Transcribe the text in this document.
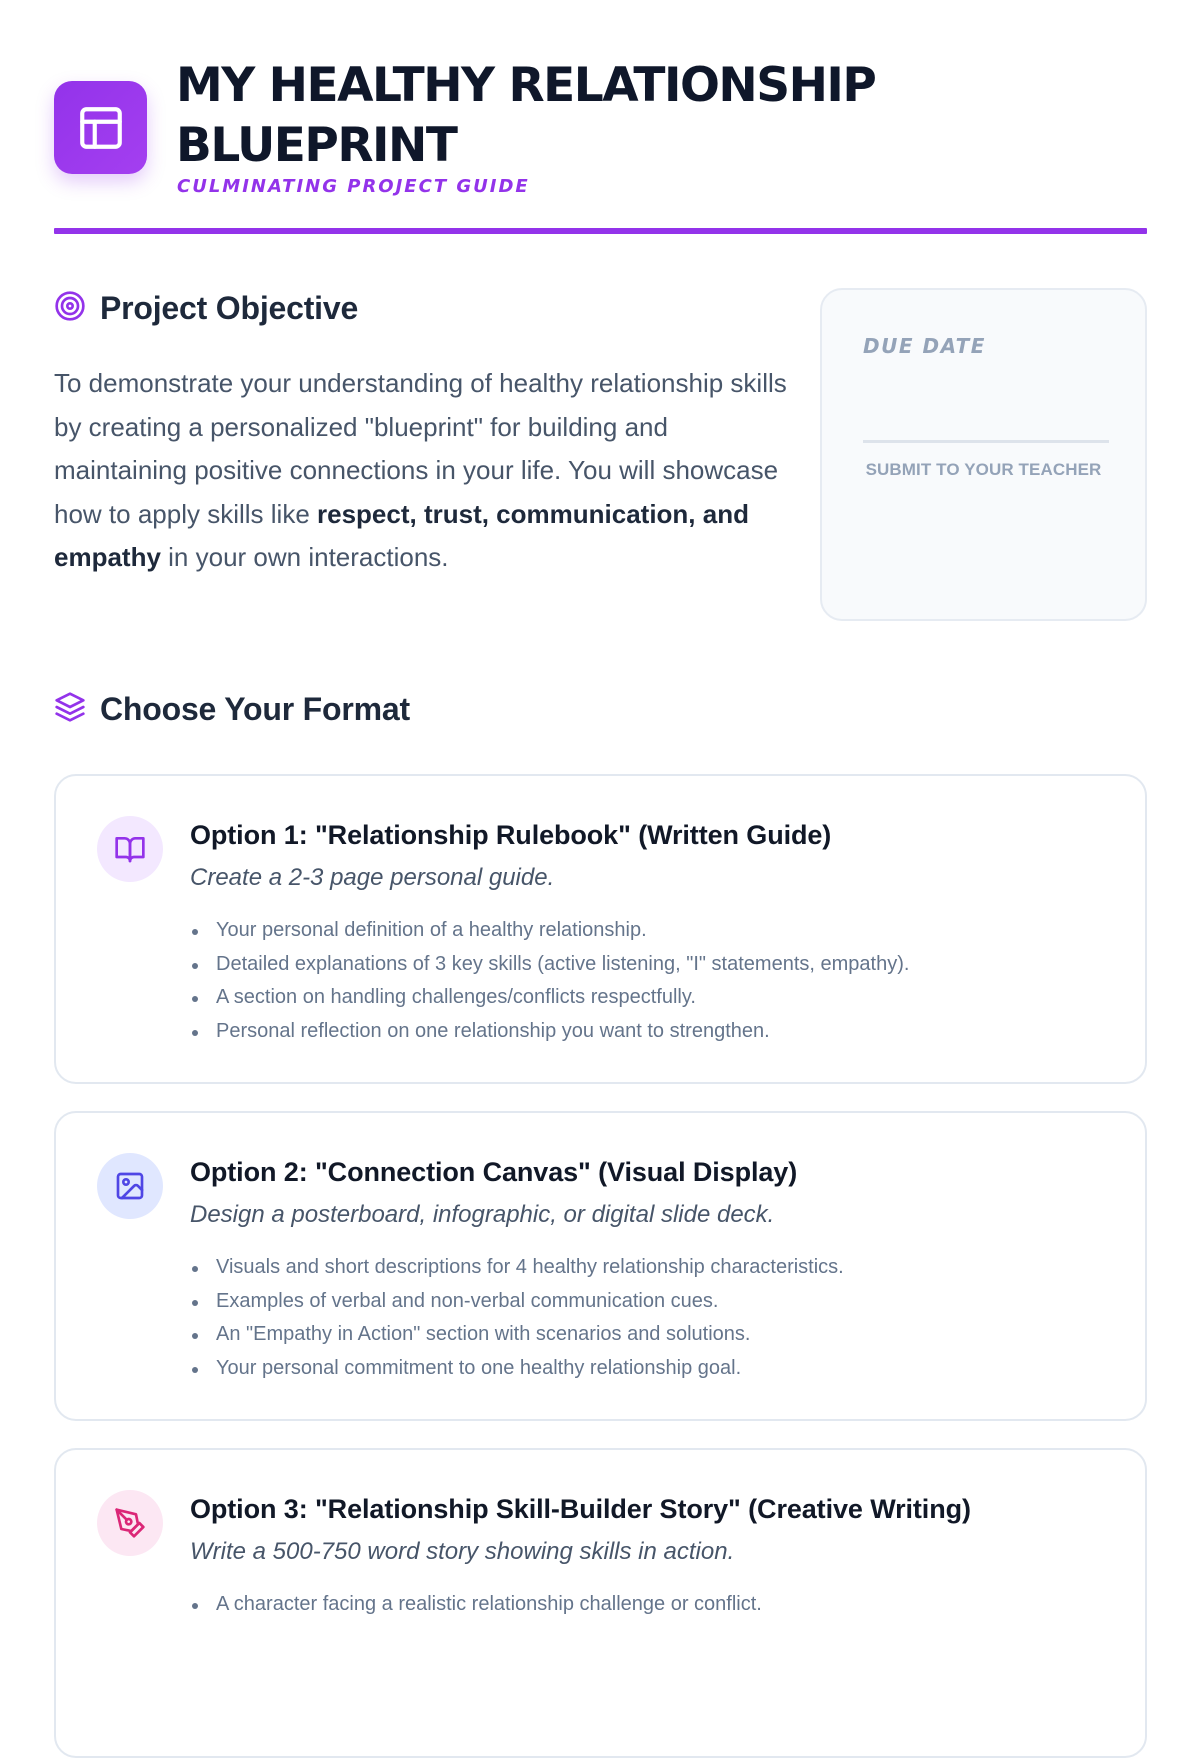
MY HEALTHY RELATIONSHIP BLUEPRINT
CULMINATING PROJECT GUIDE
Project Objective

To demonstrate your understanding of healthy relationship skills by creating a personalized "blueprint" for building and maintaining positive connections in your life. You will showcase how to apply skills like respect, trust, communication, and empathy in your own interactions.

DUE DATE
SUBMIT TO YOUR TEACHER
Choose Your Format
Option 1: "Relationship Rulebook" (Written Guide)
Create a 2-3 page personal guide.
Your personal definition of a healthy relationship.
Detailed explanations of 3 key skills (active listening, "I" statements, empathy).
A section on handling challenges/conflicts respectfully.
Personal reflection on one relationship you want to strengthen.
Option 2: "Connection Canvas" (Visual Display)
Design a posterboard, infographic, or digital slide deck.
Visuals and short descriptions for 4 healthy relationship characteristics.
Examples of verbal and non-verbal communication cues.
An "Empathy in Action" section with scenarios and solutions.
Your personal commitment to one healthy relationship goal.
Option 3: "Relationship Skill-Builder Story" (Creative Writing)
Write a 500-750 word story showing skills in action.
A character facing a realistic relationship challenge or conflict.
